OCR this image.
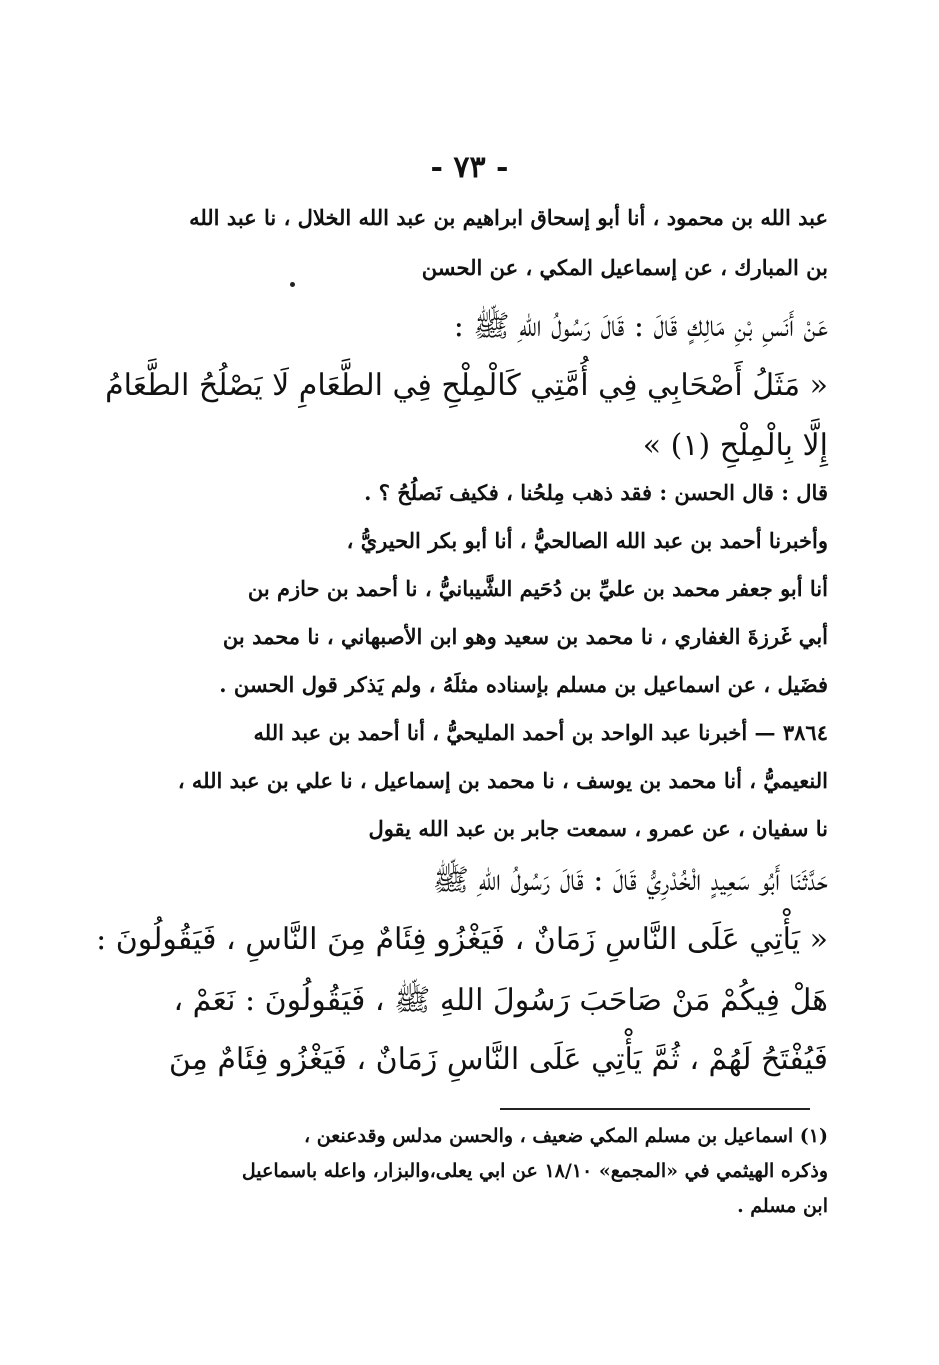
- ٧٣ -
عبد الله بن محمود ، أنا أبو إسحاق ابراهيم بن عبد الله الخلال ، نا عبد الله
بن المبارك ، عن إسماعيل المكي ، عن الحسن
عَنْ أَنَسِ بْنِ مَالِكٍ قَالَ : قَالَ رَسُولُ اللهِ ﷺ :
« مَثَلُ أَصْحَابِي فِي أُمَّتِي كَالْمِلْحِ فِي الطَّعَامِ لَا يَصْلُحُ الطَّعَامُ
إِلَّا بِالْمِلْحِ (١) »
قال : قال الحسن : فقد ذهب مِلحُنا ، فكيف نَصلُحُ ؟ .
وأخبرنا أحمد بن عبد الله الصالحيُّ ، أنا أبو بكر الحيريُّ ،
أنا أبو جعفر محمد بن عليِّ بن دُحَيم الشَّيبانيُّ ، نا أحمد بن حازم بن
أبي غَرزةَ الغفاري ، نا محمد بن سعيد وهو ابن الأصبهاني ، نا محمد بن
فضَيل ، عن اسماعيل بن مسلم بإسناده مثلَهُ ، ولم يَذكر قول الحسن .
٣٨٦٤ — أخبرنا عبد الواحد بن أحمد المليحيُّ ، أنا أحمد بن عبد الله
النعيميُّ ، أنا محمد بن يوسف ، نا محمد بن إسماعيل ، نا علي بن عبد الله ،
نا سفيان ، عن عمرو ، سمعت جابر بن عبد الله يقول
حَدَّثَنَا أَبُو سَعِيدٍ الْخُدْرِيُّ قَالَ : قَالَ رَسُولُ اللهِ ﷺ
« يَأْتِي عَلَى النَّاسِ زَمَانٌ ، فَيَغْزُو فِئَامٌ مِنَ النَّاسِ ، فَيَقُولُونَ :
هَلْ فِيكُمْ مَنْ صَاحَبَ رَسُولَ اللهِ ﷺ ، فَيَقُولُونَ : نَعَمْ ،
فَيُفْتَحُ لَهُمْ ، ثُمَّ يَأْتِي عَلَى النَّاسِ زَمَانٌ ، فَيَغْزُو فِئَامٌ مِنَ
(١) اسماعيل بن مسلم المكي ضعيف ، والحسن مدلس وقدعنعن ،
وذكره الهيثمي في «المجمع» ١٨/١٠ عن ابي يعلى،والبزار، واعله باسماعيل
ابن مسلم .
